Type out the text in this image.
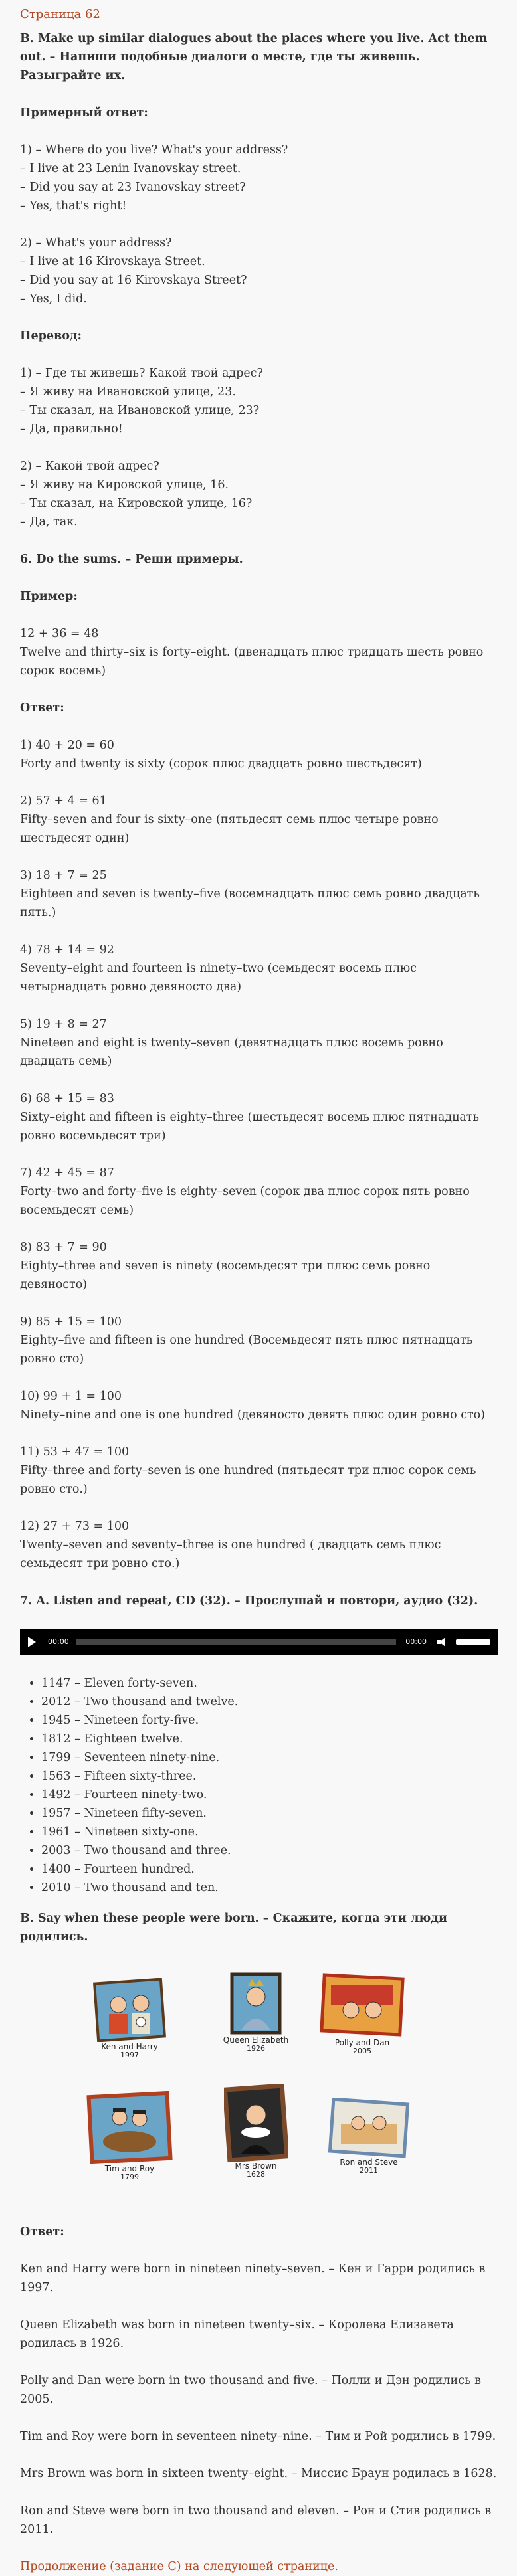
Страница 62

B. Make up similar dialogues about the places where you live. Act them out. – Напиши подобные диалоги о месте, где ты живешь. Разыграйте их.

Примерный ответ:

1) – Where do you live? What's your address?
– I live at 23 Lenin Ivanovskay street.
– Did you say at 23 Ivanovskay street?
– Yes, that's right!

2) – What's your address?
– I live at 16 Kirovskaya Street.
– Did you say at 16 Kirovskaya Street?
– Yes, I did.

Перевод:

1) – Где ты живешь? Какой твой адрес?
– Я живу на Ивановской улице, 23.
– Ты сказал, на Ивановской улице, 23?
– Да, правильно!

2) – Какой твой адрес?
– Я живу на Кировской улице, 16.
– Ты сказал, на Кировской улице, 16?
– Да, так.

6. Do the sums. – Реши примеры.

Пример:

12 + 36 = 48
Twelve and thirty–six is forty–eight. (двенадцать плюс тридцать шесть ровно сорок восемь)

Ответ:

1) 40 + 20 = 60
Forty and twenty is sixty (сорок плюс двадцать ровно шестьдесят)
2) 57 + 4 = 61
Fifty–seven and four is sixty–one (пятьдесят семь плюс четыре ровно шестьдесят один)
3) 18 + 7 = 25
Eighteen and seven is twenty–five (восемнадцать плюс семь ровно двадцать пять.)
4) 78 + 14 = 92
Seventy–eight and fourteen is ninety–two (семьдесят восемь плюс четырнадцать ровно девяносто два)
5) 19 + 8 = 27
Nineteen and eight is twenty–seven (девятнадцать плюс восемь ровно двадцать семь)
6) 68 + 15 = 83
Sixty–eight and fifteen is eighty–three (шестьдесят восемь плюс пятнадцать ровно восемьдесят три)
7) 42 + 45 = 87
Forty–two and forty–five is eighty–seven (сорок два плюс сорок пять ровно восемьдесят семь)
8) 83 + 7 = 90
Eighty–three and seven is ninety (восемьдесят три плюс семь ровно девяносто)
9) 85 + 15 = 100
Eighty–five and fifteen is one hundred (Восемьдесят пять плюс пятнадцать ровно сто)
10) 99 + 1 = 100
Ninety–nine and one is one hundred (девяносто девять плюс один ровно сто)
11) 53 + 47 = 100
Fifty–three and forty–seven is one hundred (пятьдесят три плюс сорок семь ровно сто.)
12) 27 + 73 = 100
Twenty–seven and seventy–three is one hundred ( двадцать семь плюс семьдесят три ровно сто.)

7. A. Listen and repeat, CD (32). – Прослушай и повтори, аудио (32).

00:00	00:00
• 1147 – Eleven forty-seven.
• 2012 – Two thousand and twelve.
• 1945 – Nineteen forty-five.
• 1812 – Eighteen twelve.
• 1799 – Seventeen ninety-nine.
• 1563 – Fifteen sixty-three.
• 1492 – Fourteen ninety-two.
• 1957 – Nineteen fifty-seven.
• 1961 – Nineteen sixty-one.
• 2003 – Two thousand and three.
• 1400 – Fourteen hundred.
• 2010 – Two thousand and ten.

B. Say when these people were born. – Скажите, когда эти люди родились.

Ken and Harry
1997
Queen Elizabeth
1926
Polly and Dan
2005
Tim and Roy
1799
Mrs Brown
1628
Ron and Steve
2011

Ответ:

Ken and Harry were born in nineteen ninety–seven. – Кен и Гарри родились в 1997.

Queen Elizabeth was born in nineteen twenty–six. – Королева Елизавета родилась в 1926.

Polly and Dan were born in two thousand and five. – Полли и Дэн родились в 2005.

Tim and Roy were born in seventeen ninety–nine. – Тим и Рой родились в 1799.

Mrs Brown was born in sixteen twenty–eight. – Миссис Браун родилась в 1628.

Ron and Steve were born in two thousand and eleven. – Рон и Стив родились в 2011.

Продолжение (задание C) на следующей странице.
